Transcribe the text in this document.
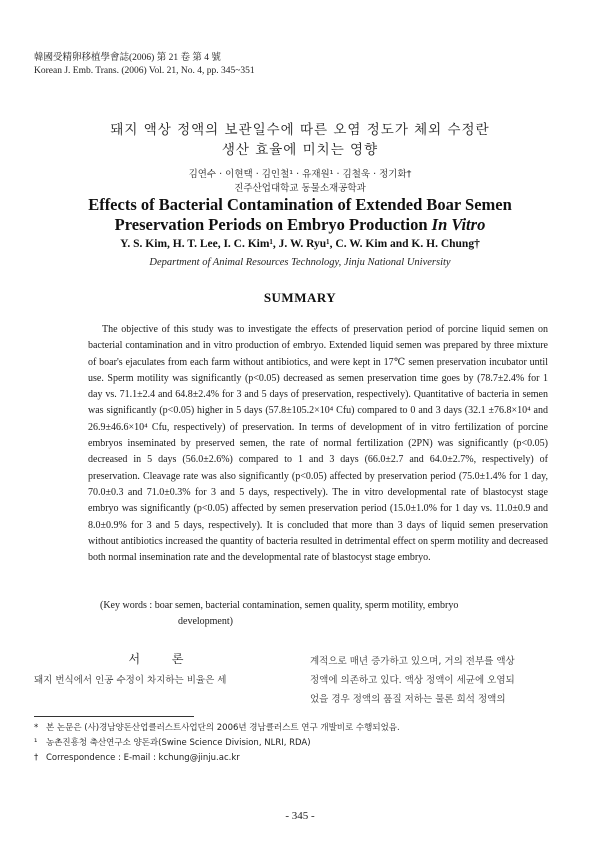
韓國受精卵移植學會誌(2006) 第 21 卷 第 4 號
Korean J. Emb. Trans. (2006) Vol. 21, No. 4, pp. 345~351
돼지 액상 정액의 보관일수에 따른 오염 정도가 체외 수정란
생산 효율에 미치는 영향
김연수 · 이현택 · 김인철¹ · 유재원¹ · 김철욱 · 정기화†
진주산업대학교 동물소재공학과
Effects of Bacterial Contamination of Extended Boar Semen
Preservation Periods on Embryo Production In Vitro
Y. S. Kim, H. T. Lee, I. C. Kim¹, J. W. Ryu¹, C. W. Kim and K. H. Chung†
Department of Animal Resources Technology, Jinju National University
SUMMARY

The objective of this study was to investigate the effects of preservation period of porcine liquid semen on bacterial contamination and in vitro production of embryo. Extended liquid semen was prepared by three mixture of boar's ejaculates from each farm without antibiotics, and were kept in 17℃ semen preservation incubator until use. Sperm motility was significantly (p<0.05) decreased as semen preservation time goes by (78.7±2.4% for 1 day vs. 71.1±2.4 and 64.8±2.4% for 3 and 5 days of preservation, respectively). Quantitative of bacteria in semen was significantly (p<0.05) higher in 5 days (57.8±105.2×10⁴ Cfu) compared to 0 and 3 days (32.1 ±76.8×10⁴ and 26.9±46.6×10⁴ Cfu, respectively) of preservation. In terms of development of in vitro fertilization of porcine embryos inseminated by preserved semen, the rate of normal fertilization (2PN) was significantly (p<0.05) decreased in 5 days (56.0±2.6%) compared to 1 and 3 days (66.0±2.7 and 64.0±2.7%, respectively) of preservation. Cleavage rate was also significantly (p<0.05) affected by preservation period (75.0±1.4% for 1 day, 70.0±0.3 and 71.0±0.3% for 3 and 5 days, respectively). The in vitro developmental rate of blastocyst stage embryo was significantly (p<0.05) affected by semen preservation period (15.0±1.0% for 1 day vs. 11.0±0.9 and 8.0±0.9% for 3 and 5 days, respectively). It is concluded that more than 3 days of liquid semen preservation without antibiotics increased the quantity of bacteria resulted in detrimental effect on sperm motility and decreased both normal insemination rate and the developmental rate of blastocyst stage embryo.

(Key words : boar semen, bacterial contamination, semen quality, sperm motility, embryo
development)
서 론
돼지 번식에서 인공 수정이 차지하는 비율은 세
계적으로 매년 증가하고 있으며, 거의 전부를 액상
정액에 의존하고 있다. 액상 정액이 세균에 오염되
었을 경우 정액의 품질 저하는 물론 희석 정액의
* 본 논문은 (사)경남양돈산업클러스트사업단의 2006년 경남클러스트 연구 개발비로 수행되었음.
¹ 농촌진흥청 축산연구소 양돈과(Swine Science Division, NLRI, RDA)
† Correspondence : E-mail : kchung@jinju.ac.kr
- 345 -
